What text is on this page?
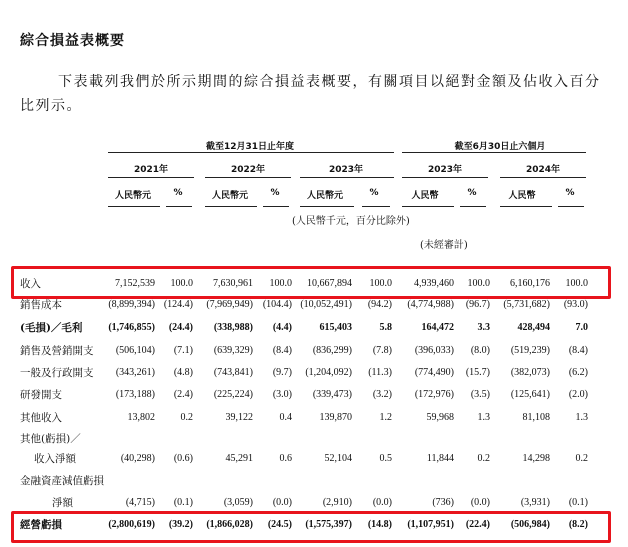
綜合損益表概要
下表載列我們於所示期間的綜合損益表概要，有關項目以絕對金額及佔收入百分比列示。
截至12月31日止年度	截至6月30日止六個月
2021年	2022年	2023年	2023年	2024年
人民幣元	%	人民幣元	%	人民幣元	%	人民幣	%	人民幣	%
(人民幣千元，百分比除外)
(未經審計)
收入	7,152,539	100.0	7,630,961	100.0	10,667,894	100.0	4,939,460	100.0	6,160,176	100.0
銷售成本	(8,899,394) (124.4)	(7,969,949) (104.4) (10,052,491)	(94.2)	(4,774,988)	(96.7)	(5,731,682)	(93.0)
(毛損)／毛利	(1,746,855)	(24.4)	(338,988)	(4.4)	615,403	5.8	164,472	3.3	428,494	7.0
銷售及營銷開支	(506,104)	(7.1)	(639,329)	(8.4)	(836,299)	(7.8)	(396,033)	(8.0)	(519,239)	(8.4)
一般及行政開支	(343,261)	(4.8)	(743,841)	(9.7)	(1,204,092)	(11.3)	(774,490)	(15.7)	(382,073)	(6.2)
研發開支	(173,188)	(2.4)	(225,224)	(3.0)	(339,473)	(3.2)	(172,976)	(3.5)	(125,641)	(2.0)
其他收入	13,802	0.2	39,122	0.4	139,870	1.2	59,968	1.3	81,108	1.3
其他(虧損)／
收入淨額	(40,298)	(0.6)	45,291	0.6	52,104	0.5	11,844	0.2	14,298	0.2
金融資產減值虧損
淨額	(4,715)	(0.1)	(3,059)	(0.0)	(2,910)	(0.0)	(736)	(0.0)	(3,931)	(0.1)
經營虧損	(2,800,619)	(39.2)	(1,866,028)	(24.5)	(1,575,397)	(14.8)	(1,107,951)	(22.4)	(506,984)	(8.2)
